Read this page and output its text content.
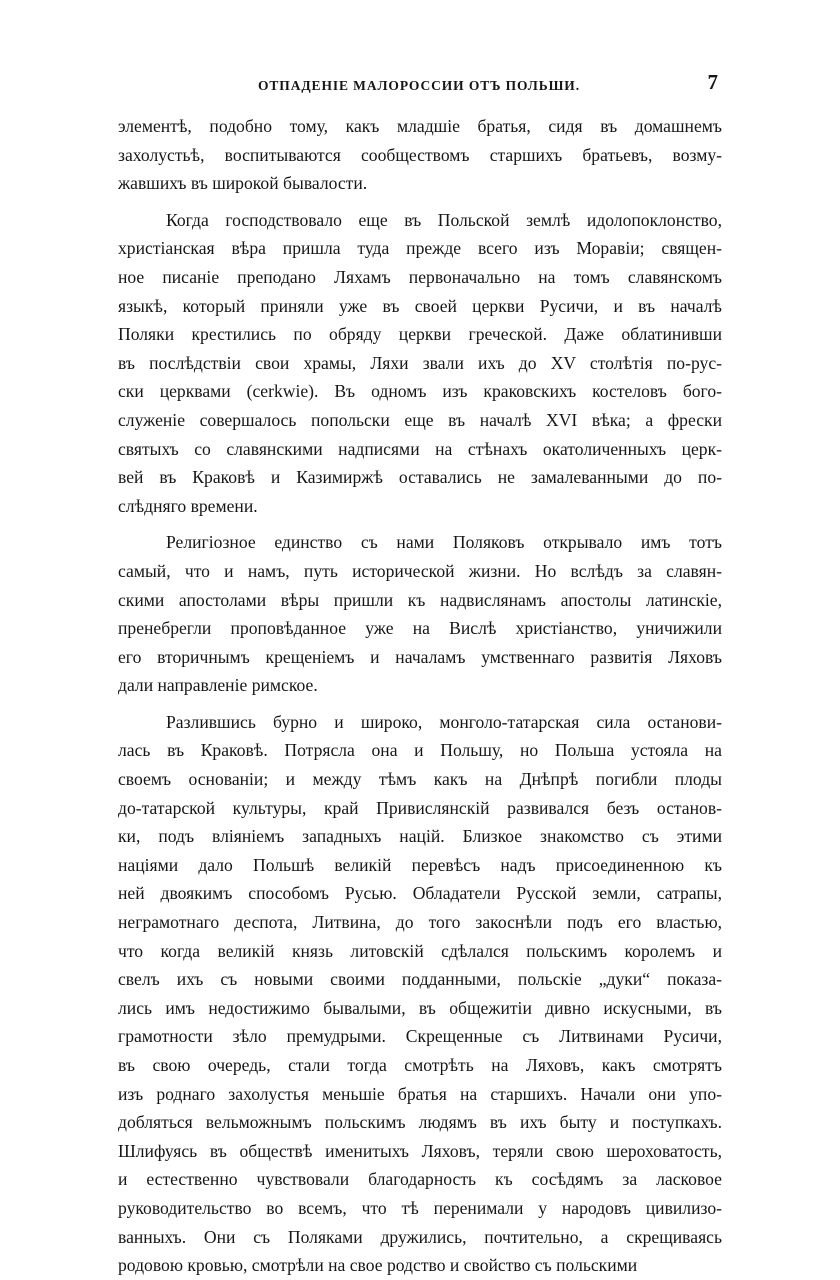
ОТПАДЕНІЕ МАЛОРОССИИ ОТЪ ПОЛЬШИ.	7
элементѣ, подобно тому, какъ младшіе братья, сидя въ домашнемъ
захолустьѣ, воспитываются сообществомъ старшихъ братьевъ, возму-
жавшихъ въ широкой бывалости.
Когда господствовало еще въ Польской землѣ идолопоклонство,
христіанская вѣра пришла туда прежде всего изъ Моравіи; священ-
ное писаніе преподано Ляхамъ первоначально на томъ славянскомъ
языкѣ, который приняли уже въ своей церкви Русичи, и въ началѣ
Поляки крестились по обряду церкви греческой. Даже облатинивши
въ послѣдствіи свои храмы, Ляхи звали ихъ до XV столѣтія по-рус-
ски церквами (cerkwie). Въ одномъ изъ краковскихъ костеловъ бого-
служеніе совершалось попольски еще въ началѣ XVI вѣка; а фрески
святыхъ со славянскими надписями на стѣнахъ окатоличенныхъ церк-
вей въ Краковѣ и Казимиржѣ оставались не замалеванными до по-
слѣдняго времени.
Религіозное единство съ нами Поляковъ открывало имъ тотъ
самый, что и намъ, путь исторической жизни. Но вслѣдъ за славян-
скими апостолами вѣры пришли къ надвислянамъ апостолы латинскіе,
пренебрегли проповѣданное уже на Вислѣ христіанство, уничижили
его вторичнымъ крещеніемъ и началамъ умственнаго развитія Ляховъ
дали направленіе римское.
Разлившись бурно и широко, монголо-татарская сила останови-
лась въ Краковѣ. Потрясла она и Польшу, но Польша устояла на
своемъ основаніи; и между тѣмъ какъ на Днѣпрѣ погибли плоды
до-татарской культуры, край Привислянскій развивался безъ останов-
ки, подъ вліяніемъ западныхъ націй. Близкое знакомство съ этими
націями дало Польшѣ великій перевѣсъ надъ присоединенною къ
ней двоякимъ способомъ Русью. Обладатели Русской земли, сатрапы,
неграмотнаго деспота, Литвина, до того закоснѣли подъ его властью,
что когда великій князь литовскій сдѣлался польскимъ королемъ и
свелъ ихъ съ новыми своими подданными, польскіе „дуки“ показа-
лись имъ недостижимо бывалыми, въ общежитіи дивно искусными, въ
грамотности зѣло премудрыми. Скрещенные съ Литвинами Русичи,
въ свою очередь, стали тогда смотрѣть на Ляховъ, какъ смотрятъ
изъ роднаго захолустья меньшіе братья на старшихъ. Начали они упо-
доблятьcя вельможнымъ польскимъ людямъ въ ихъ быту и поступкахъ.
Шлифуясь въ обществѣ именитыхъ Ляховъ, теряли свою шероховатость,
и естественно чувствовали благодарность къ сосѣдямъ за ласковое
руководительство во всемъ, что тѣ перенимали у народовъ цивилизо-
ванныхъ. Они съ Поляками дружились, почтительно, а скрещиваясь
родовою кровью, смотрѣли на свое родство и свойство съ польскими
